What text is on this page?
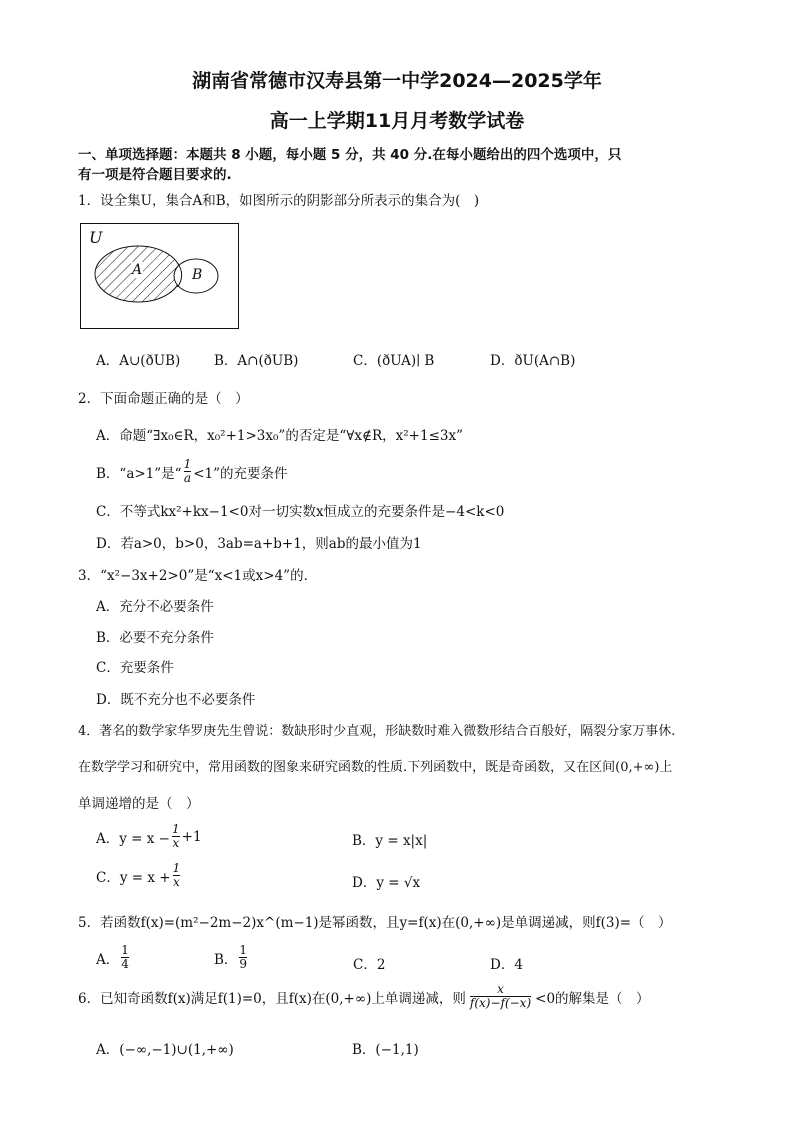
湖南省常德市汉寿县第一中学2024—2025学年
高一上学期11月月考数学试卷
一、单项选择题：本题共 8 小题，每小题 5 分，共 40 分.在每小题给出的四个选项中，只
有一项是符合题目要求的.
1．设全集U，集合A和B，如图所示的阴影部分所表示的集合为(　)
U
A	B
A．A∪(ðUB) B．A∩(ðUB)	C．(ðUA)∣ B	D．ðU(A∩B)
2．下面命题正确的是（　）
A．命题“∃x₀∈R，x₀²+1>3x₀”的否定是“∀x∉R，x²+1≤3x”
B．“a>1”是“ $\frac{1}{a} <1$”的充要条件
C．不等式kx²+kx−1<0对一切实数x恒成立的充要条件是−4<k<0
D．若a>0，b>0，3ab=a+b+1，则ab的最小值为1
3．“x²−3x+2>0”是“x<1或x>4”的．
A．充分不必要条件
B．必要不充分条件
C．充要条件
D．既不充分也不必要条件
4．著名的数学家华罗庚先生曾说：数缺形时少直观，形缺数时难入微数形结合百般好，隔裂分家万事休.
在数学学习和研究中，常用函数的图象来研究函数的性质.下列函数中，既是奇函数，又在区间(0,+∞)上
单调递增的是（　）
A．$y = x - \frac{1}{x} +1$	B．y = x|x|
C．$y = x + \frac{1}{x}$	D．y = √x
5．若函数f(x)=(m²−2m−2)x^(m−1)是幂函数，且y=f(x)在(0,+∞)是单调递减，则f(3)=（　）
A． $\frac{1}{4}$	B． $\frac{1}{9}$	C．2	D．4
6．已知奇函数f(x)满足f(1)=0，且f(x)在(0,+∞)上单调递减，则 $\frac{x}{f(x)-f(-x)} <0$的解集是（　）
A．(−∞,−1)∪(1,+∞)	B．(−1,1)
